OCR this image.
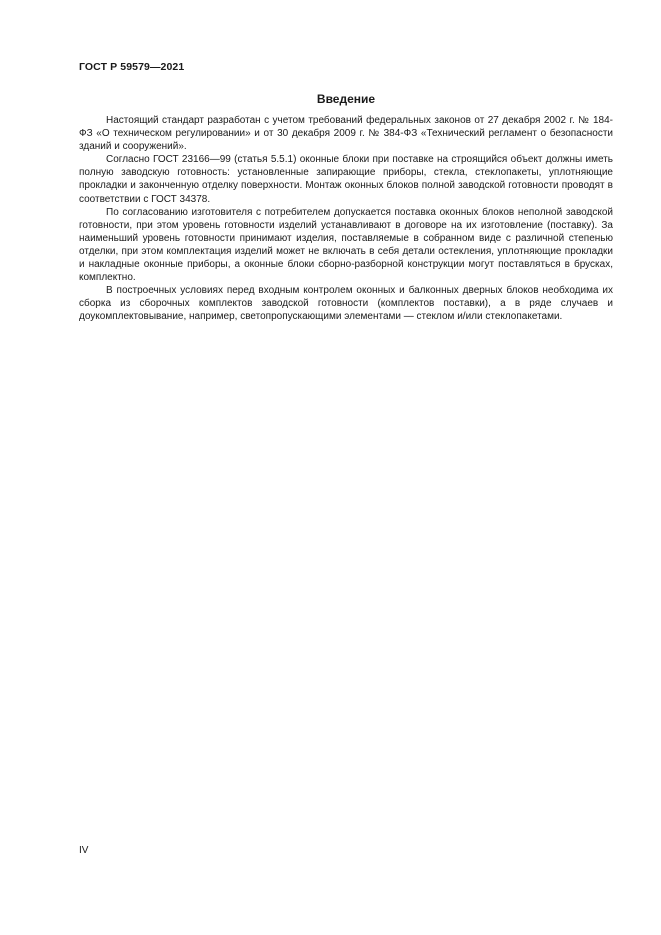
ГОСТ Р 59579—2021
Введение

Настоящий стандарт разработан с учетом требований федеральных законов от 27 декабря 2002 г. № 184-ФЗ «О техническом регулировании» и от 30 декабря 2009 г. № 384-ФЗ «Технический регламент о безопасности зданий и сооружений».

Согласно ГОСТ 23166—99 (статья 5.5.1) оконные блоки при поставке на строящийся объект должны иметь полную заводскую готовность: установленные запирающие приборы, стекла, стеклопакеты, уплотняющие прокладки и законченную отделку поверхности. Монтаж оконных блоков полной заводской готовности проводят в соответствии с ГОСТ 34378.

По согласованию изготовителя с потребителем допускается поставка оконных блоков неполной заводской готовности, при этом уровень готовности изделий устанавливают в договоре на их изготовление (поставку). За наименьший уровень готовности принимают изделия, поставляемые в собранном виде с различной степенью отделки, при этом комплектация изделий может не включать в себя детали остекления, уплотняющие прокладки и накладные оконные приборы, а оконные блоки сборно-разборной конструкции могут поставляться в брусках, комплектно.

В построечных условиях перед входным контролем оконных и балконных дверных блоков необходима их сборка из сборочных комплектов заводской готовности (комплектов поставки), а в ряде случаев и доукомплектовывание, например, светопропускающими элементами — стеклом и/или стеклопакетами.

IV
